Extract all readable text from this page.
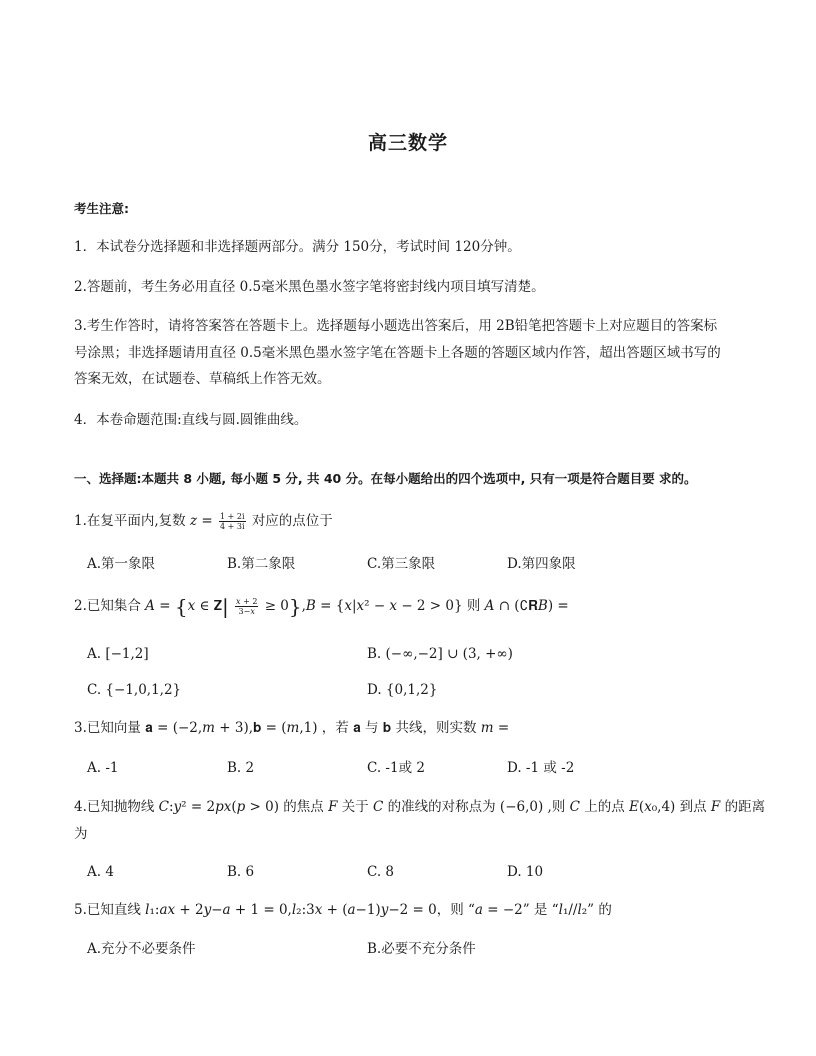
高三数学
考生注意:
1．本试卷分选择题和非选择题两部分。满分 150分，考试时间 120分钟。
2.答题前，考生务必用直径 0.5毫米黑色墨水签字笔将密封线内项目填写清楚。
3.考生作答时，请将答案答在答题卡上。选择题每小题选出答案后，用 2B铅笔把答题卡上对应题目的答案标
号涂黑；非选择题请用直径 0.5毫米黑色墨水签字笔在答题卡上各题的答题区域内作答，超出答题区域书写的
答案无效，在试题卷、草稿纸上作答无效。
4．本卷命题范围:直线与圆.圆锥曲线。
一、选择题:本题共 8 小题, 每小题 5 分, 共 40 分。在每小题给出的四个选项中, 只有一项是符合题目要 求的。
1.在复平面内,复数 𝑧 = $\frac{1 + 2i}{4 + 3i}$ 对应的点位于
A.第一象限	B.第二象限	C.第三象限	D.第四象限
2.已知集合 𝐴 = {𝑥 ∈ 𝐙| $\frac{\text{𝑥 + 2}}{\text{3−𝑥}}$ ≥ 0},𝐵 = {𝑥|𝑥² − 𝑥 − 2 > 0} 则 𝐴 ∩ (∁𝐑𝐵) =
A. [−1,2]	B. (−∞,−2] ∪ (3, +∞)
C. {−1,0,1,2}	D. {0,1,2}
3.已知向量 𝐚 = (−2,𝑚 + 3),𝐛 = (𝑚,1) ，若 𝐚 与 𝐛 共线，则实数 𝑚 =
A. -1	B. 2	C. -1或 2	D. -1 或 -2
4.已知抛物线 𝐶:𝑦² = 2𝑝𝑥(𝑝 > 0) 的焦点 𝐹 关于 𝐶 的准线的对称点为 (−6,0) ,则 𝐶 上的点 𝐸(𝑥₀,4) 到点 𝐹 的距离
为
A. 4	B. 6	C. 8	D. 10
5.已知直线 𝑙₁:𝑎𝑥 + 2𝑦−𝑎 + 1 = 0,𝑙₂:3𝑥 + (𝑎−1)𝑦−2 = 0，则 “𝑎 = −2” 是 “𝑙₁//𝑙₂” 的
A.充分不必要条件	B.必要不充分条件
